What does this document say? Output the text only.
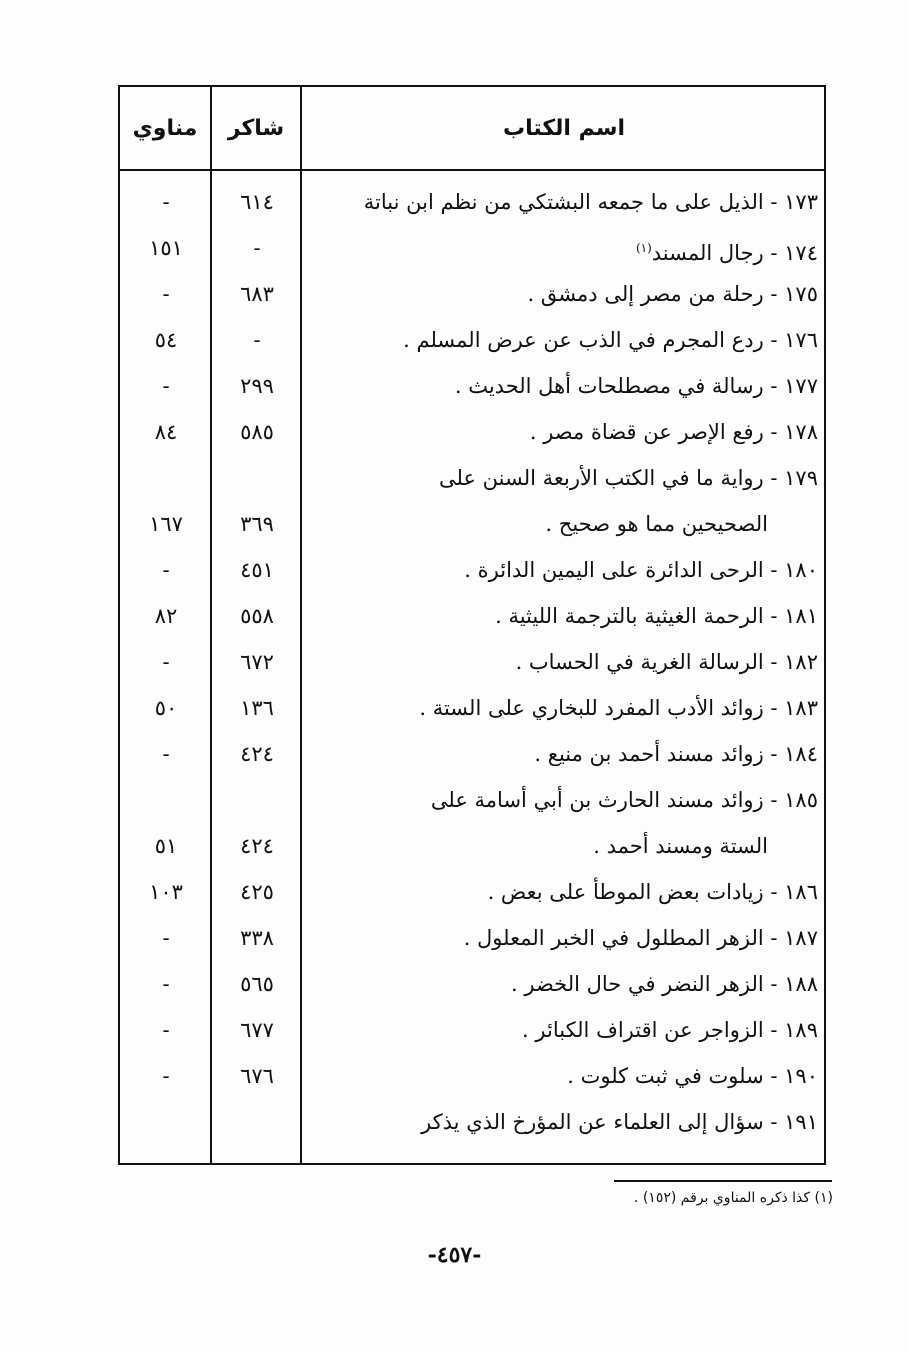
اسم الكتاب
شاكر
مناوي
١٧٣ - الذيل على ما جمعه البشتكي من نظم ابن نباتة
٦١٤
-
١٧٤ - رجال المسند$^{(١)}$
-
١٥١
١٧٥ - رحلة من مصر إلى دمشق .
٦٨٣
-
١٧٦ - ردع المجرم في الذب عن عرض المسلم .
-
٥٤
١٧٧ - رسالة في مصطلحات أهل الحديث .
٢٩٩
-
١٧٨ - رفع الإصر عن قضاة مصر .
٥٨٥
٨٤
١٧٩ - رواية ما في الكتب الأربعة السنن على
الصحيحين مما هو صحيح .
٣٦٩
١٦٧
١٨٠ - الرحى الدائرة على اليمين الدائرة .
٤٥١
-
١٨١ - الرحمة الغيثية بالترجمة الليثية .
٥٥٨
٨٢
١٨٢ - الرسالة الغرية في الحساب .
٦٧٢
-
١٨٣ - زوائد الأدب المفرد للبخاري على الستة .
١٣٦
٥٠
١٨٤ - زوائد مسند أحمد بن منيع .
٤٢٤
-
١٨٥ - زوائد مسند الحارث بن أبي أسامة على
الستة ومسند أحمد .
٤٢٤
٥١
١٨٦ - زيادات بعض الموطأ على بعض .
٤٢٥
١٠٣
١٨٧ - الزهر المطلول في الخبر المعلول .
٣٣٨
-
١٨٨ - الزهر النضر في حال الخضر .
٥٦٥
-
١٨٩ - الزواجر عن اقتراف الكبائر .
٦٧٧
-
١٩٠ - سلوت في ثبت كلوت .
٦٧٦
-
١٩١ - سؤال إلى العلماء عن المؤرخ الذي يذكر
(١) كذا ذكره المناوي برقم (١٥٢) .
-٤٥٧-
